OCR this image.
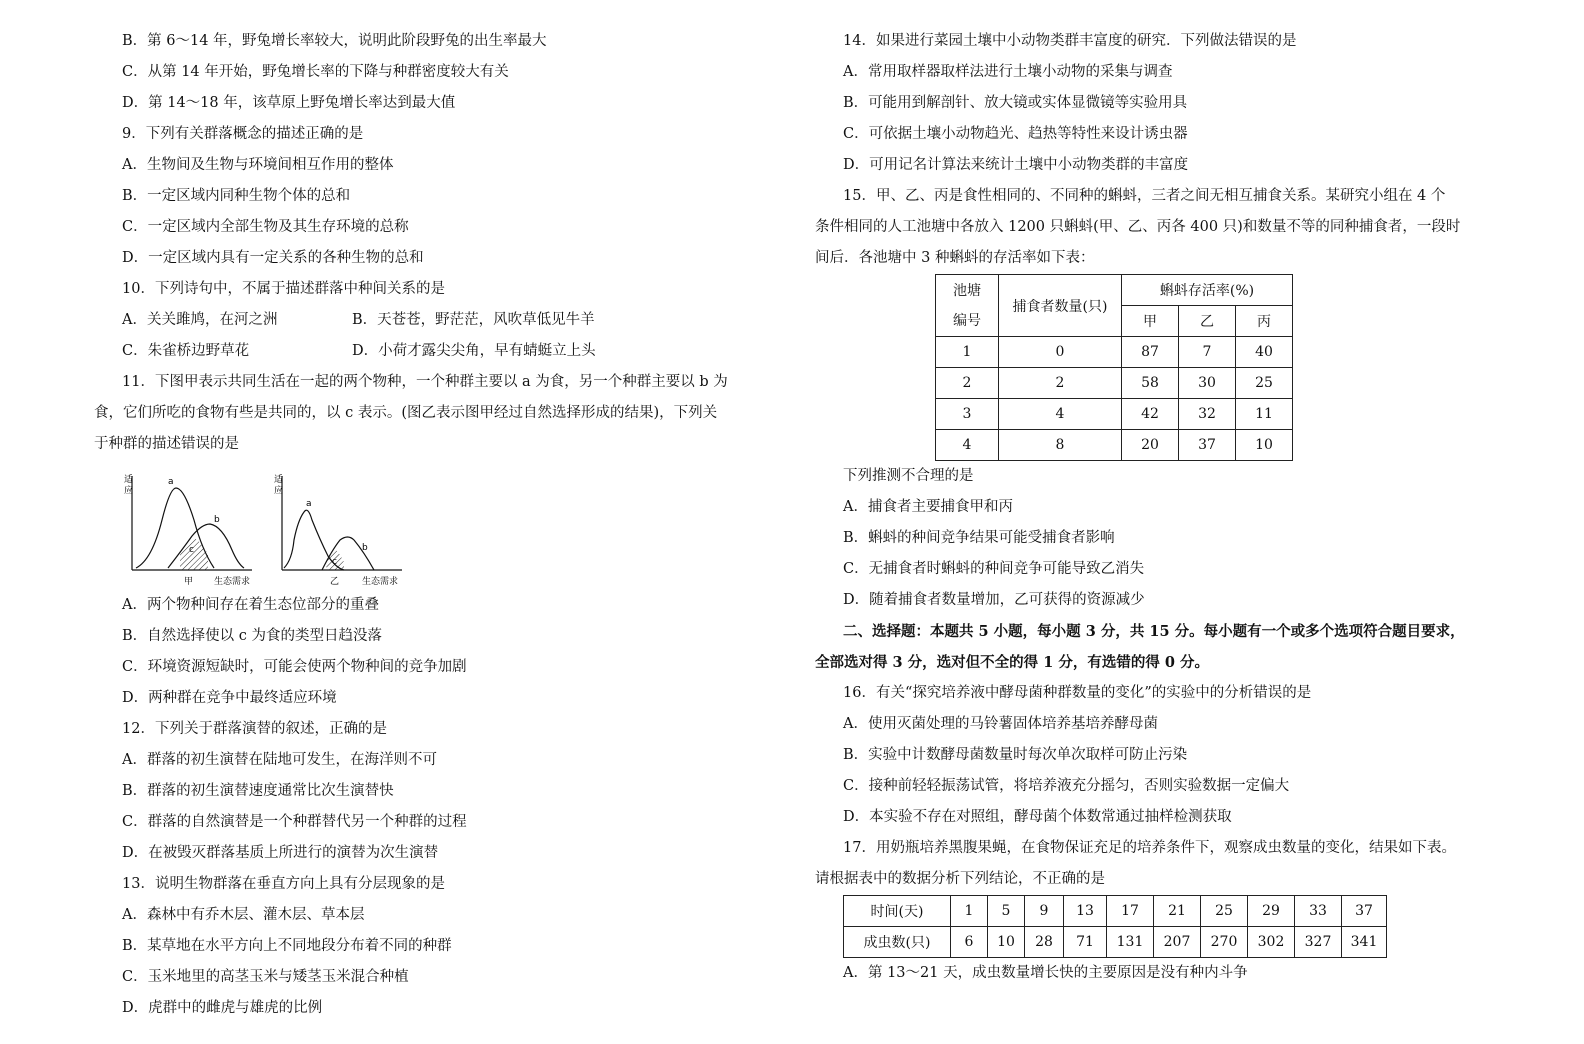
B．第 6～14 年，野兔增长率较大，说明此阶段野兔的出生率最大
C．从第 14 年开始，野兔增长率的下降与种群密度较大有关
D．第 14～18 年，该草原上野兔增长率达到最大值
9．下列有关群落概念的描述正确的是
A．生物间及生物与环境间相互作用的整体
B．一定区域内同种生物个体的总和
C．一定区域内全部生物及其生存环境的总称
D．一定区域内具有一定关系的各种生物的总和
10．下列诗句中，不属于描述群落中种间关系的是
A．关关雎鸠，在河之洲	B．天苍苍，野茫茫，风吹草低见牛羊
C．朱雀桥边野草花	D．小荷才露尖尖角，早有蜻蜓立上头
11．下图甲表示共同生活在一起的两个物种，一个种群主要以 a 为食，另一个种群主要以 b 为
食，它们所吃的食物有些是共同的，以 c 表示。(图乙表示图甲经过自然选择形成的结果)，下列关
于种群的描述错误的是
适
应
a
b
c
甲 生态需求
适
应
a
b
c
乙	生态需求
A．两个物种间存在着生态位部分的重叠
B．自然选择使以 c 为食的类型日趋没落
C．环境资源短缺时，可能会使两个物种间的竞争加剧
D．两种群在竞争中最终适应环境
12．下列关于群落演替的叙述，正确的是
A．群落的初生演替在陆地可发生，在海洋则不可
B．群落的初生演替速度通常比次生演替快
C．群落的自然演替是一个种群替代另一个种群的过程
D．在被毁灭群落基质上所进行的演替为次生演替
13．说明生物群落在垂直方向上具有分层现象的是
A．森林中有乔木层、灌木层、草本层
B．某草地在水平方向上不同地段分布着不同的种群
C．玉米地里的高茎玉米与矮茎玉米混合种植
D．虎群中的雌虎与雄虎的比例
14．如果进行菜园土壤中小动物类群丰富度的研究．下列做法错误的是
A．常用取样器取样法进行土壤小动物的采集与调查
B．可能用到解剖针、放大镜或实体显微镜等实验用具
C．可依据土壤小动物趋光、趋热等特性来设计诱虫器
D．可用记名计算法来统计土壤中小动物类群的丰富度
15．甲、乙、丙是食性相同的、不同种的蝌蚪，三者之间无相互捕食关系。某研究小组在 4 个
条件相同的人工池塘中各放入 1200 只蝌蚪(甲、乙、丙各 400 只)和数量不等的同种捕食者，一段时
间后．各池塘中 3 种蝌蚪的存活率如下表：
池塘
编号	捕食者数量(只)	蝌蚪存活率(%)		
		甲	乙	丙
1	0	87	7	40
2	2	58	30	25
3	4	42	32	11
4	8	20	37	10
下列推测不合理的是
A．捕食者主要捕食甲和丙
B．蝌蚪的种间竞争结果可能受捕食者影响
C．无捕食者时蝌蚪的种间竞争可能导致乙消失
D．随着捕食者数量增加，乙可获得的资源减少
二、选择题：本题共 5 小题，每小题 3 分，共 15 分。每小题有一个或多个选项符合题目要求，
全部选对得 3 分，选对但不全的得 1 分，有选错的得 0 分。
16．有关“探究培养液中酵母菌种群数量的变化”的实验中的分析错误的是
A．使用灭菌处理的马铃薯固体培养基培养酵母菌
B．实验中计数酵母菌数量时每次单次取样可防止污染
C．接种前轻轻振荡试管，将培养液充分摇匀，否则实验数据一定偏大
D．本实验不存在对照组，酵母菌个体数常通过抽样检测获取
17．用奶瓶培养黑腹果蝇，在食物保证充足的培养条件下，观察成虫数量的变化，结果如下表。
请根据表中的数据分析下列结论，不正确的是
时间(天)	1	5	9	13	17	21	25	29	33	37
成虫数(只)	6	10	28	71	131	207	270	302	327	341
A．第 13～21 天，成虫数量增长快的主要原因是没有种内斗争
